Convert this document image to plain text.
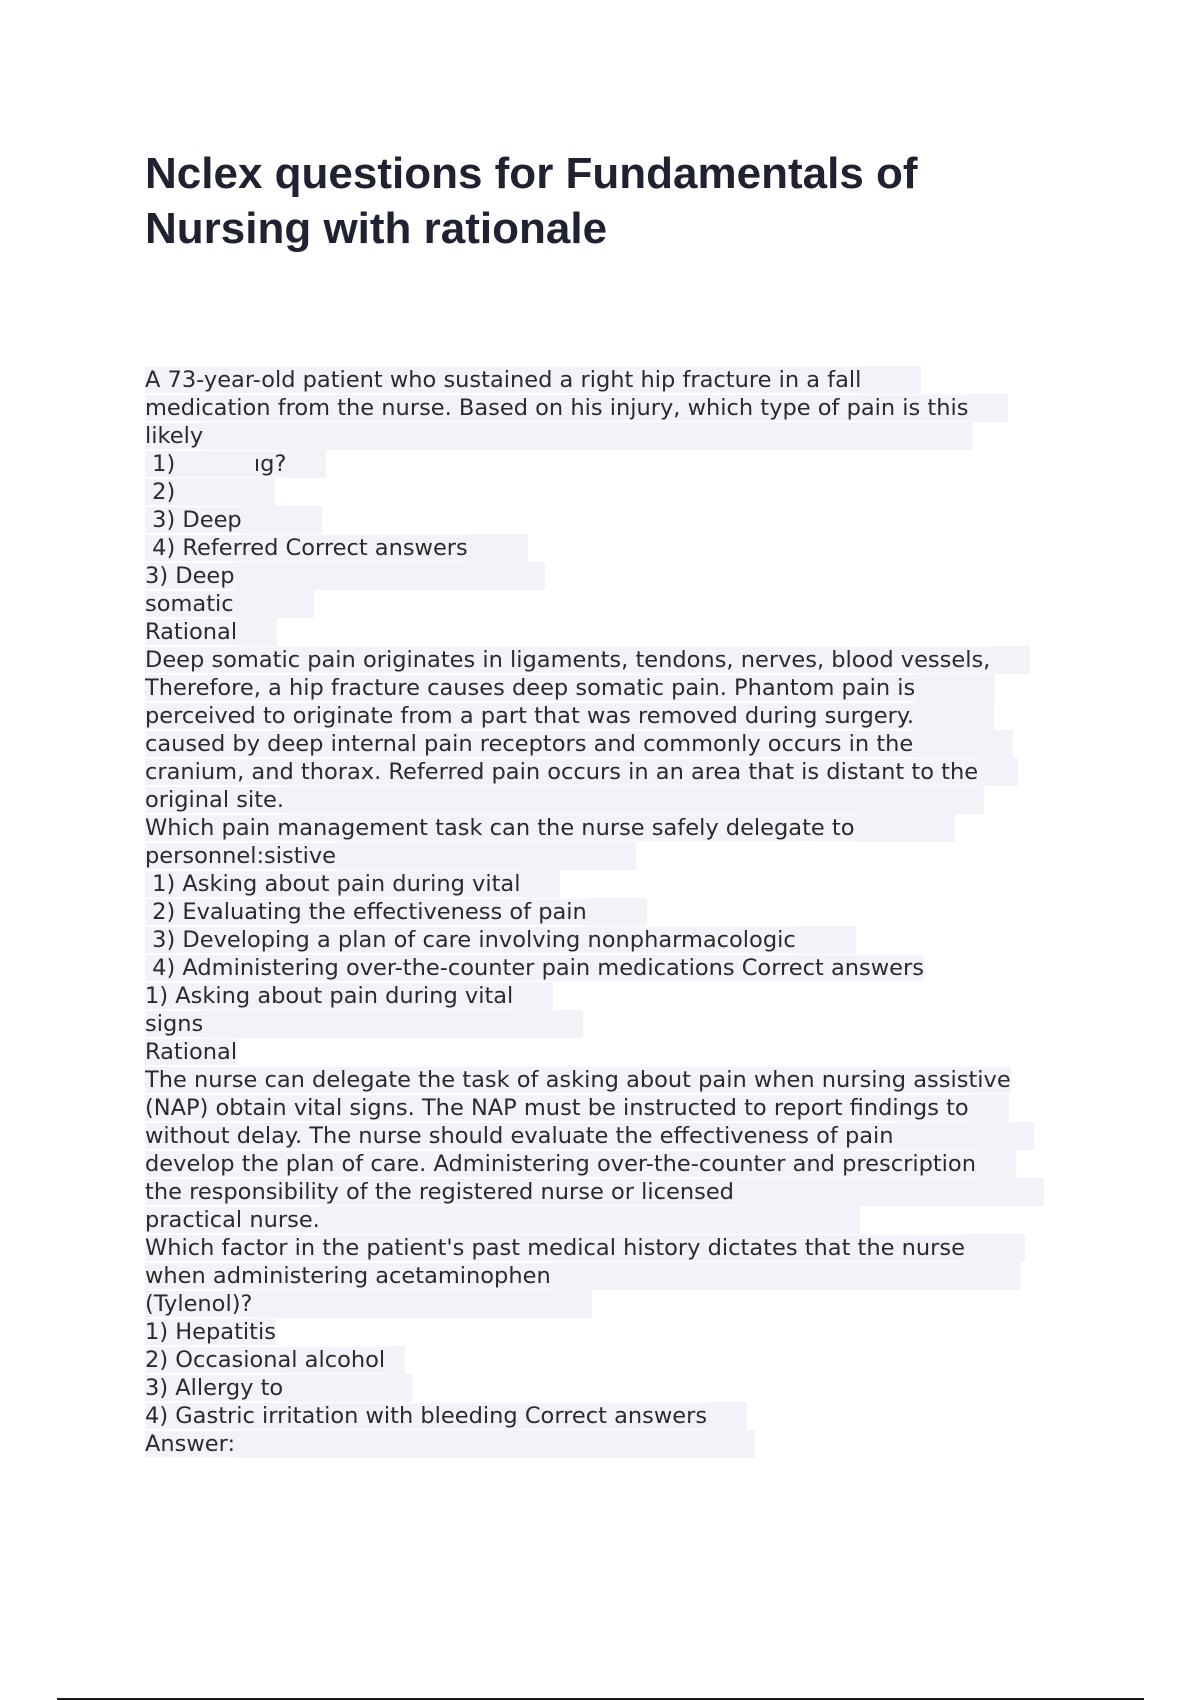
Nclex questions for Fundamentals of Nursing with rationale
A 73-year-old patient who sustained a right hip fracture in a fall
medication from the nurse. Based on his injury, which type of pain is this
likely
1)           ıg?
2)
3) Deep
4) Referred Correct answers
3) Deep
somatic
Rational
Deep somatic pain originates in ligaments, tendons, nerves, blood vessels,
Therefore, a hip fracture causes deep somatic pain. Phantom pain is
perceived to originate from a part that was removed during surgery.
caused by deep internal pain receptors and commonly occurs in the
cranium, and thorax. Referred pain occurs in an area that is distant to the
original site.
Which pain management task can the nurse safely delegate to
personnel:sistive
1) Asking about pain during vital
2) Evaluating the effectiveness of pain
3) Developing a plan of care involving nonpharmacologic
4) Administering over-the-counter pain medications Correct answers
1) Asking about pain during vital
signs
Rational
The nurse can delegate the task of asking about pain when nursing assistive
(NAP) obtain vital signs. The NAP must be instructed to report findings to
without delay. The nurse should evaluate the effectiveness of pain
develop the plan of care. Administering over-the-counter and prescription
the responsibility of the registered nurse or licensed
practical nurse.
Which factor in the patient's past medical history dictates that the nurse
when administering acetaminophen
(Tylenol)?
1) Hepatitis
2) Occasional alcohol
3) Allergy to
4) Gastric irritation with bleeding Correct answers
Answer:
